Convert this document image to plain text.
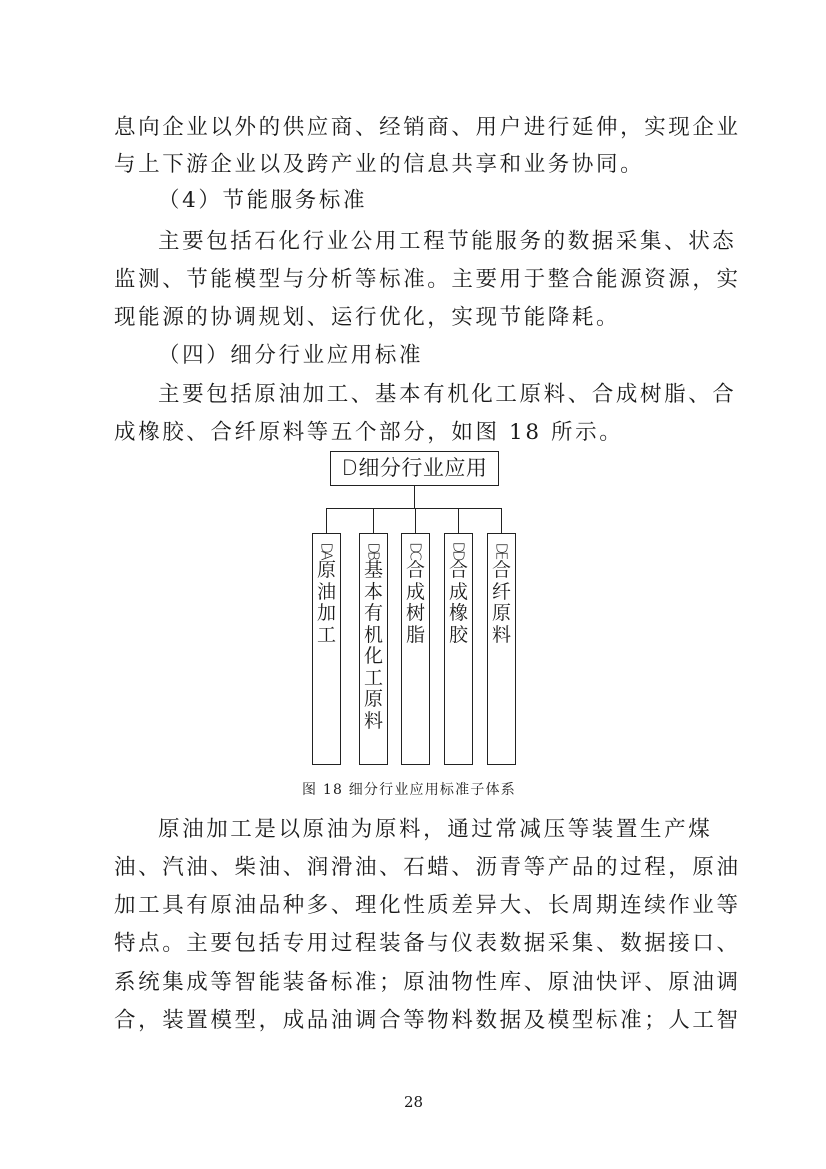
息向企业以外的供应商、经销商、用户进行延伸，实现企业
与上下游企业以及跨产业的信息共享和业务协同。
（4）节能服务标准
主要包括石化行业公用工程节能服务的数据采集、状态
监测、节能模型与分析等标准。主要用于整合能源资源，实
现能源的协调规划、运行优化，实现节能降耗。
（四）细分行业应用标准
主要包括原油加工、基本有机化工原料、合成树脂、合
成橡胶、合纤原料等五个部分，如图 18 所示。
原油加工是以原油为原料，通过常减压等装置生产煤
油、汽油、柴油、润滑油、石蜡、沥青等产品的过程，原油
加工具有原油品种多、理化性质差异大、长周期连续作业等
特点。主要包括专用过程装备与仪表数据采集、数据接口、
系统集成等智能装备标准；原油物性库、原油快评、原油调
合，装置模型，成品油调合等物料数据及模型标准；人工智
D细分行业应用
DA
原
油
加
工
DB
基
本
有
机
化
工
原
料
DC
合
成
树
脂
DD
合
成
橡
胶
DE
合
纤
原
料
图 18 细分行业应用标准子体系
28
